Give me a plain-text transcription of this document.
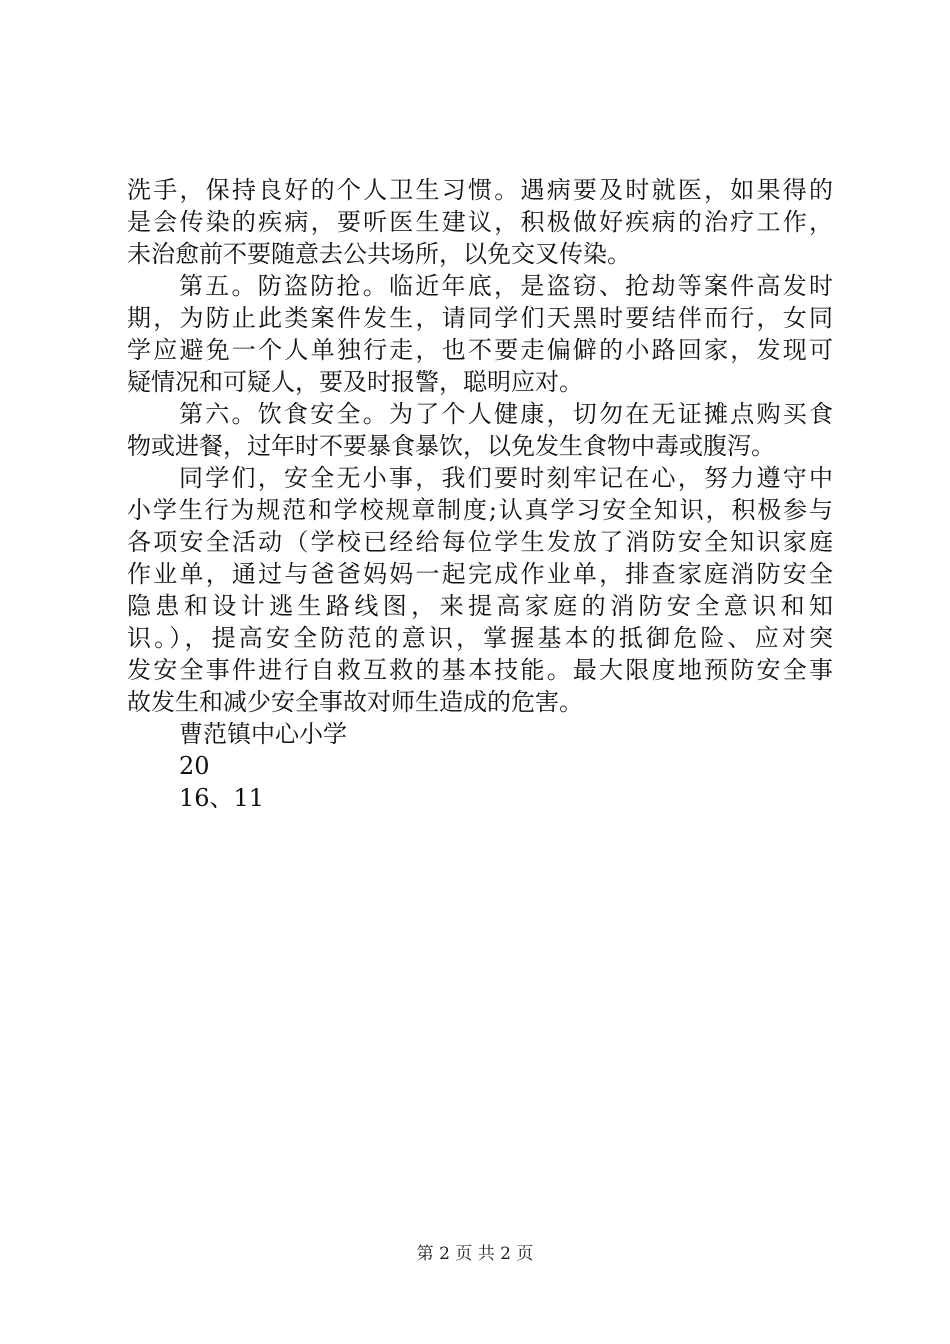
洗手，保持良好的个人卫生习惯。遇病要及时就医，如果得的
是会传染的疾病，要听医生建议，积极做好疾病的治疗工作，
未治愈前不要随意去公共场所，以免交叉传染。
第五。防盗防抢。临近年底，是盗窃、抢劫等案件高发时
期，为防止此类案件发生，请同学们天黑时要结伴而行，女同
学应避免一个人单独行走，也不要走偏僻的小路回家，发现可
疑情况和可疑人，要及时报警，聪明应对。
第六。饮食安全。为了个人健康，切勿在无证摊点购买食
物或进餐，过年时不要暴食暴饮，以免发生食物中毒或腹泻。
同学们，安全无小事，我们要时刻牢记在心，努力遵守中
小学生行为规范和学校规章制度;认真学习安全知识，积极参与
各项安全活动（学校已经给每位学生发放了消防安全知识家庭
作业单，通过与爸爸妈妈一起完成作业单，排查家庭消防安全
隐患和设计逃生路线图，来提高家庭的消防安全意识和知
识。），提高安全防范的意识，掌握基本的抵御危险、应对突
发安全事件进行自救互救的基本技能。最大限度地预防安全事
故发生和减少安全事故对师生造成的危害。
曹范镇中心小学
20
16、11
第 2 页 共 2 页
